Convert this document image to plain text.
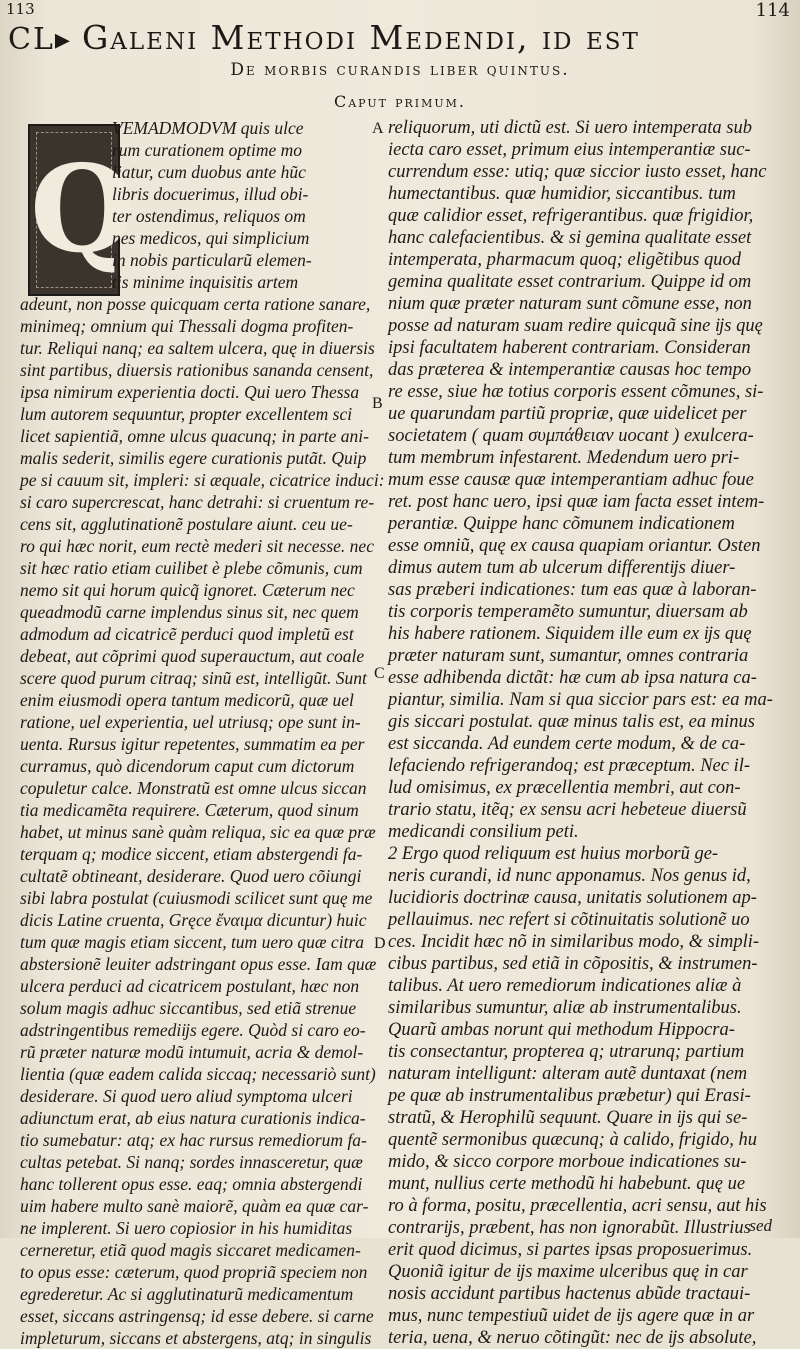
113	114
CL▸ Galeni Methodi Medendi, id est
De morbis curandis liber quintus.
Caput primum.
Q
VEMADMODVM quis ulce
rum curationem optime mo
liatur, cum duobus ante hũc
libris docuerimus, illud obi-
ter ostendimus, reliquos om
nes medicos, qui simplicium
in nobis particularũ elemen-
tis minime inquisitis artem
adeunt, non posse quicquam certa ratione sanare,
minimeq; omnium qui Thessali dogma profiten-
tur. Reliqui nanq; ea saltem ulcera, quę in diuersis
sint partibus, diuersis rationibus sananda censent,
ipsa nimirum experientia docti. Qui uero Thessa
lum autorem sequuntur, propter excellentem sci
licet sapientiã, omne ulcus quacunq; in parte ani-
malis sederit, similis egere curationis putãt. Quip
pe si cauum sit, impleri: si æquale, cicatrice induci:
si caro supercrescat, hanc detrahi: si cruentum re-
cens sit, agglutinationẽ postulare aiunt. ceu ue-
ro qui hæc norit, eum rectè mederi sit necesse. nec
sit hæc ratio etiam cuilibet è plebe cõmunis, cum
nemo sit qui horum quicq̃ ignoret. Cæterum nec
queadmodũ carne implendus sinus sit, nec quem
admodum ad cicatricẽ perduci quod impletũ est
debeat, aut cõprimi quod superauctum, aut coale
scere quod purum citraq; sinũ est, intelligũt. Sunt
enim eiusmodi opera tantum medicorũ, quæ uel
ratione, uel experientia, uel utriusq; ope sunt in-
uenta. Rursus igitur repetentes, summatim ea per
curramus, quò dicendorum caput cum dictorum
copuletur calce. Monstratũ est omne ulcus siccan
tia medicamẽta requirere. Cæterum, quod sinum
habet, ut minus sanè quàm reliqua, sic ea quæ præ
terquam q; modice siccent, etiam abstergendi fa-
cultatẽ obtineant, desiderare. Quod uero cõiungi
sibi labra postulat (cuiusmodi scilicet sunt quę me
dicis Latine cruenta, Gręce ἔναιμα dicuntur) huic
tum quæ magis etiam siccent, tum uero quæ citra
abstersionẽ leuiter adstringant opus esse. Iam quæ
ulcera perduci ad cicatricem postulant, hæc non
solum magis adhuc siccantibus, sed etiã strenue
adstringentibus remediĳs egere. Quòd si caro eo-
rũ præter naturæ modũ intumuit, acria & demol-
lientia (quæ eadem calida siccaq; necessariò sunt)
desiderare. Si quod uero aliud symptoma ulceri
adiunctum erat, ab eius natura curationis indica-
tio sumebatur: atq; ex hac rursus remediorum fa-
cultas petebat. Si nanq; sordes innasceretur, quæ
hanc tollerent opus esse. eaq; omnia abstergendi
uim habere multo sanè maiorẽ, quàm ea quæ car-
ne implerent. Si uero copiosior in his humiditas
cerneretur, etiã quod magis siccaret medicamen-
to opus esse: cæterum, quod propriã speciem non
egrederetur. Ac si agglutinaturũ medicamentum
esset, siccans astringensq; id esse debere. si carne
impleturum, siccans et abstergens, atq; in singulis
reliquorum, uti dictũ est. Si uero intemperata sub
iecta caro esset, primum eius intemperantiæ suc-
currendum esse: utiq; quæ siccior iusto esset, hanc
humectantibus. quæ humidior, siccantibus. tum
quæ calidior esset, refrigerantibus. quæ frigidior,
hanc calefacientibus. & si gemina qualitate esset
intemperata, pharmacum quoq; eligẽtibus quod
gemina qualitate esset contrarium. Quippe id om
nium quæ præter naturam sunt cõmune esse, non
posse ad naturam suam redire quicquã sine ĳs quę
ipsi facultatem haberent contrariam. Consideran
das præterea & intemperantiæ causas hoc tempo
re esse, siue hæ totius corporis essent cõmunes, si-
ue quarundam partiũ propriæ, quæ uidelicet per
societatem ( quam συμπάθειαν uocant ) exulcera-
tum membrum infestarent. Medendum uero pri-
mum esse causæ quæ intemperantiam adhuc foue
ret. post hanc uero, ipsi quæ iam facta esset intem-
perantiæ. Quippe hanc cõmunem indicationem
esse omniũ, quę ex causa quapiam oriantur. Osten
dimus autem tum ab ulcerum differentĳs diuer-
sas præberi indicationes: tum eas quæ à laboran-
tis corporis temperamẽto sumuntur, diuersam ab
his habere rationem. Siquidem ille eum ex ĳs quę
præter naturam sunt, sumantur, omnes contraria
esse adhibenda dictãt: hæ cum ab ipsa natura ca-
piantur, similia. Nam si qua siccior pars est: ea ma-
gis siccari postulat. quæ minus talis est, ea minus
est siccanda. Ad eundem certe modum, & de ca-
lefaciendo refrigerandoq; est præceptum. Nec il-
lud omisimus, ex præcellentia membri, aut con-
trario statu, itẽq; ex sensu acri hebeteue diuersũ
medicandi consilium peti.
2 Ergo quod reliquum est huius morborũ ge-
neris curandi, id nunc apponamus. Nos genus id,
lucidioris doctrinæ causa, unitatis solutionem ap-
pellauimus. nec refert si cõtinuitatis solutionẽ uo
ces. Incidit hæc nõ in similaribus modo, & simpli-
cibus partibus, sed etiã in cõpositis, & instrumen-
talibus. At uero remediorum indicationes aliæ à
similaribus sumuntur, aliæ ab instrumentalibus.
Quarũ ambas norunt qui methodum Hippocra-
tis consectantur, propterea q; utrarunq; partium
naturam intelligunt: alteram autẽ duntaxat (nem
pe quæ ab instrumentalibus præbetur) qui Erasi-
stratũ, & Herophilũ sequunt. Quare in ĳs qui se-
quentẽ sermonibus quæcunq; à calido, frigido, hu
mido, & sicco corpore morboue indicationes su-
munt, nullius certe methodũ hi habebunt. quę ue
ro à forma, positu, præcellentia, acri sensu, aut his
contrarĳs, præbent, has non ignorabũt. Illustrius
erit quod dicimus, si partes ipsas proposuerimus.
Quoniã igitur de ĳs maxime ulceribus quę in car
nosis accidunt partibus hactenus abũde tractaui-
mus, nunc tempestiuũ uidet de ĳs agere quæ in ar
teria, uena, & neruo cõtingũt: nec de ĳs absolute,
A
B
C
D
sed
